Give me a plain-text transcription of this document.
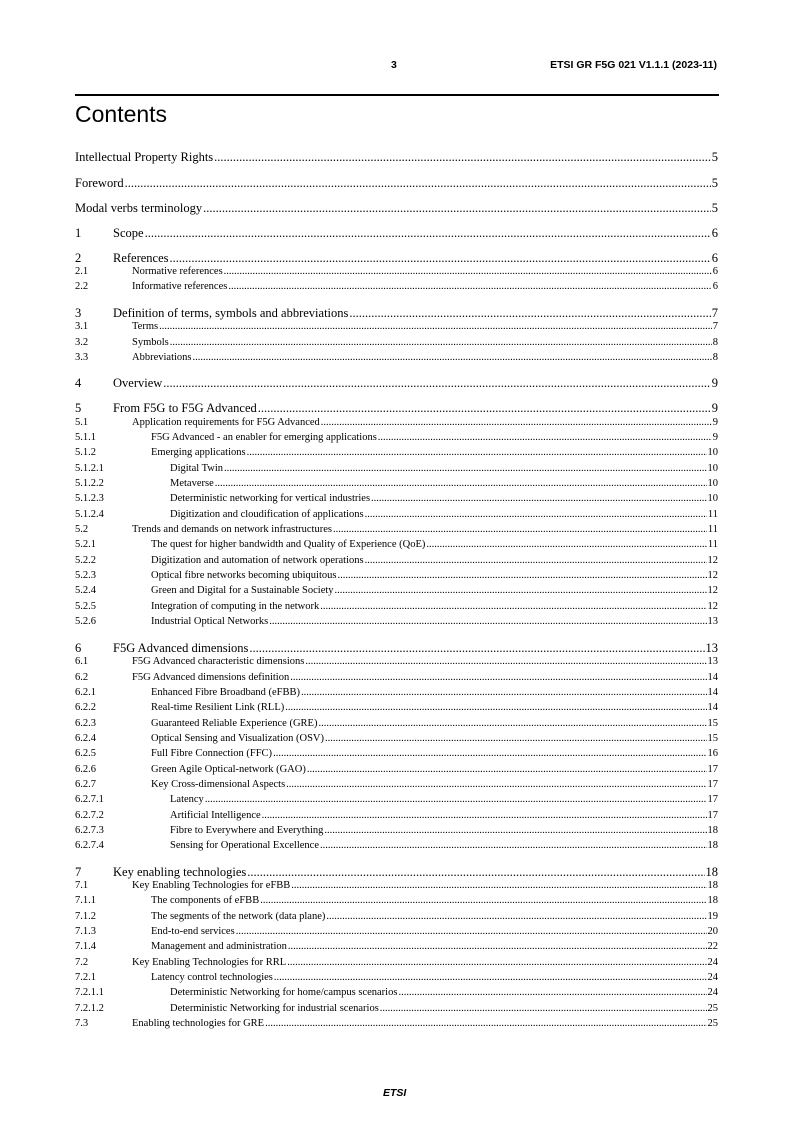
3	ETSI GR F5G 021 V1.1.1 (2023-11)
Contents
Intellectual Property Rights .....	5
Foreword .....	5
Modal verbs terminology .....	5
1	Scope .....	6
2	References .....	6
2.1	Normative references .....	6
2.2	Informative references .....	6
3	Definition of terms, symbols and abbreviations .....	7
3.1	Terms .....	7
3.2	Symbols .....	8
3.3	Abbreviations .....	8
4	Overview .....	9
5	From F5G to F5G Advanced .....	9
5.1	Application requirements for F5G Advanced .....	9
5.1.1	F5G Advanced - an enabler for emerging applications .....	9
5.1.2	Emerging applications .....	10
5.1.2.1	Digital Twin .....	10
5.1.2.2	Metaverse .....	10
5.1.2.3	Deterministic networking for vertical industries .....	10
5.1.2.4	Digitization and cloudification of applications .....	11
5.2	Trends and demands on network infrastructures .....	11
5.2.1	The quest for higher bandwidth and Quality of Experience (QoE) .....	11
5.2.2	Digitization and automation of network operations .....	12
5.2.3	Optical fibre networks becoming ubiquitous .....	12
5.2.4	Green and Digital for a Sustainable Society .....	12
5.2.5	Integration of computing in the network .....	12
5.2.6	Industrial Optical Networks .....	13
6	F5G Advanced dimensions .....	13
6.1	F5G Advanced characteristic dimensions .....	13
6.2	F5G Advanced dimensions definition .....	14
6.2.1	Enhanced Fibre Broadband (eFBB) .....	14
6.2.2	Real-time Resilient Link (RLL) .....	14
6.2.3	Guaranteed Reliable Experience (GRE) .....	15
6.2.4	Optical Sensing and Visualization (OSV) .....	15
6.2.5	Full Fibre Connection (FFC) .....	16
6.2.6	Green Agile Optical-network (GAO) .....	17
6.2.7	Key Cross-dimensional Aspects .....	17
6.2.7.1	Latency .....	17
6.2.7.2	Artificial Intelligence .....	17
6.2.7.3	Fibre to Everywhere and Everything .....	18
6.2.7.4	Sensing for Operational Excellence .....	18
7	Key enabling technologies .....	18
7.1	Key Enabling Technologies for eFBB .....	18
7.1.1	The components of eFBB .....	18
7.1.2	The segments of the network (data plane) .....	19
7.1.3	End-to-end services .....	20
7.1.4	Management and administration .....	22
7.2	Key Enabling Technologies for RRL .....	24
7.2.1	Latency control technologies .....	24
7.2.1.1	Deterministic Networking for home/campus scenarios .....	24
7.2.1.2	Deterministic Networking for industrial scenarios .....	25
7.3	Enabling technologies for GRE .....	25
ETSI
